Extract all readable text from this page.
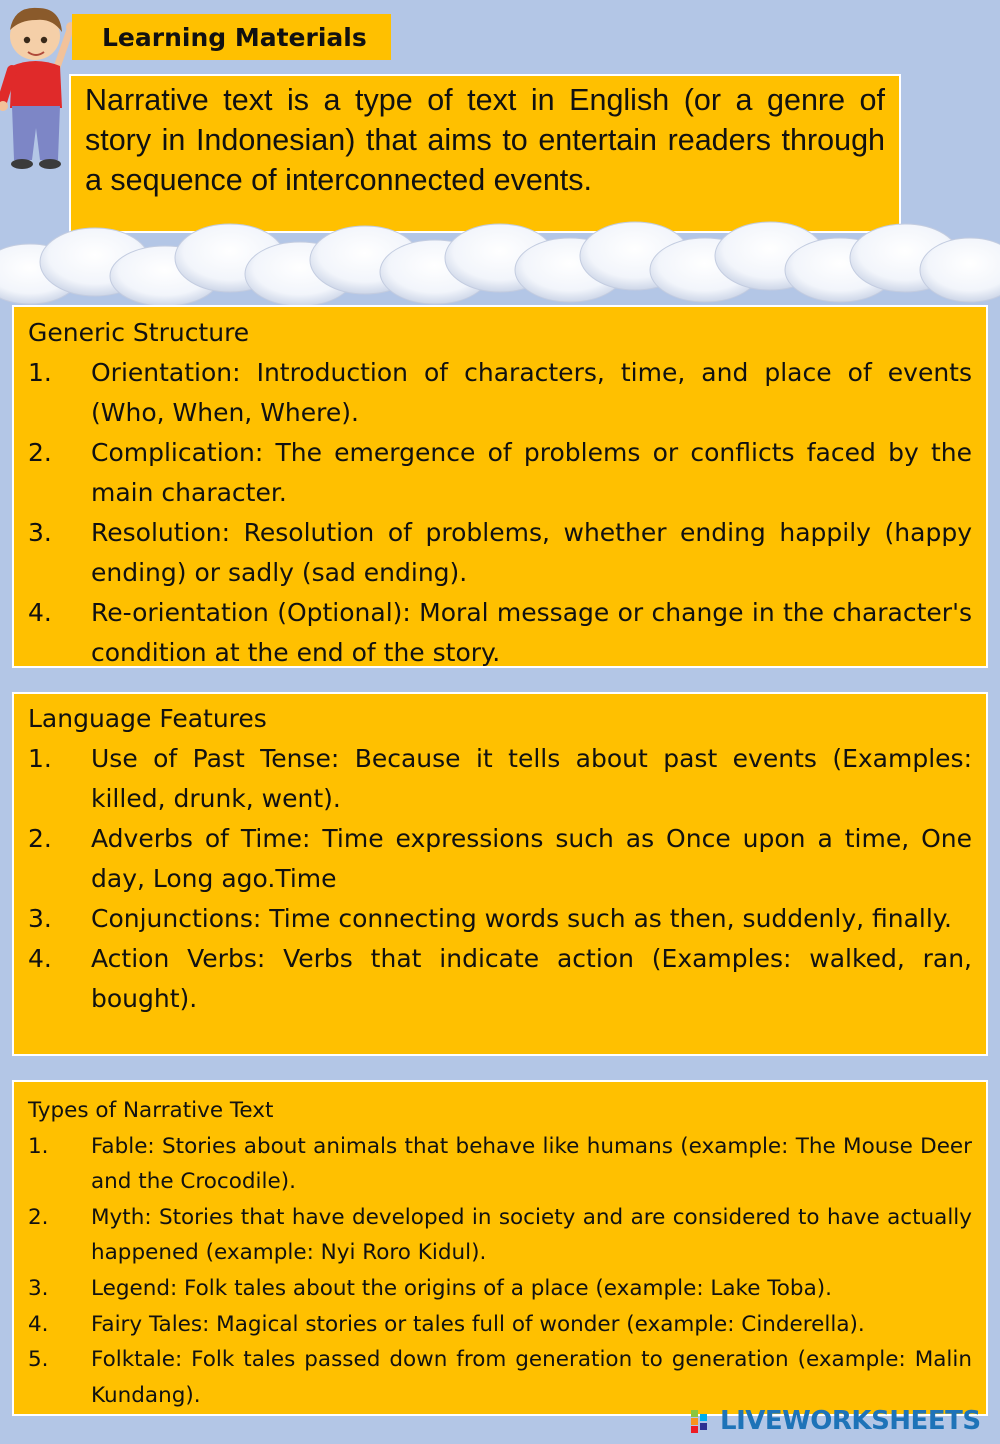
Learning Materials
Narrative text is a type of text in English (or a genre of story in Indonesian) that aims to entertain readers through a sequence of interconnected events.
Generic Structure
1. Orientation: Introduction of characters, time, and place of events (Who, When, Where).
2. Complication: The emergence of problems or conflicts faced by the main character.
3. Resolution: Resolution of problems, whether ending happily (happy ending) or sadly (sad ending).
4. Re-orientation (Optional): Moral message or change in the character's condition at the end of the story.
Language Features
1. Use of Past Tense: Because it tells about past events (Examples: killed, drunk, went).
2. Adverbs of Time: Time expressions such as Once upon a time, One day, Long ago.Time
3. Conjunctions: Time connecting words such as then, suddenly, finally.
4. Action Verbs: Verbs that indicate action (Examples: walked, ran, bought).
Types of Narrative Text
1. Fable: Stories about animals that behave like humans (example: The Mouse Deer and the Crocodile).
2. Myth: Stories that have developed in society and are considered to have actually happened (example: Nyi Roro Kidul).
3. Legend: Folk tales about the origins of a place (example: Lake Toba).
4. Fairy Tales: Magical stories or tales full of wonder (example: Cinderella).
5. Folktale: Folk tales passed down from generation to generation (example: Malin Kundang).
LIVEWORKSHEETS
